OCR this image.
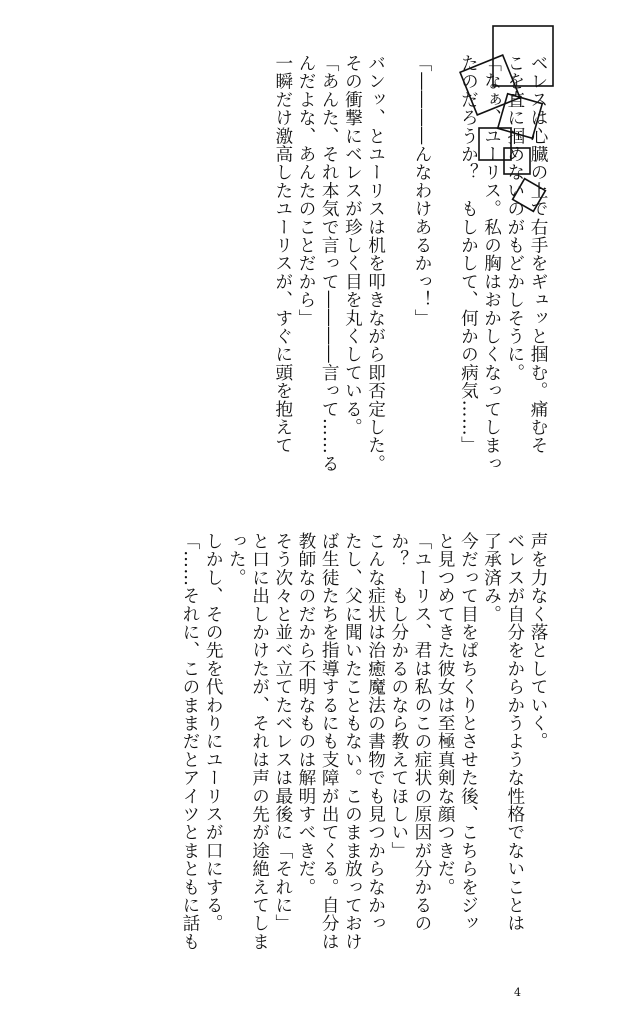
ベレスは心臓の上で右手をギュッと掴む。痛むそ
こを直に掴めないのがもどかしそうに。
「なぁ、ユーリス。私の胸はおかしくなってしまっ
たのだろうか？　もしかして、何かの病気……」
「――――んなわけあるかっ！」
バンッ、とユーリスは机を叩きながら即否定した。
その衝撃にベレスが珍しく目を丸くしている。
「あんた、それ本気で言って――――言って……る
んだよな、あんたのことだから」
一瞬だけ激高したユーリスが、すぐに頭を抱えて
声を力なく落としていく。
ベレスが自分をからかうような性格でないことは
了承済み。
今だって目をぱちくりとさせた後、こちらをジッ
と見つめてきた彼女は至極真剣な顔つきだ。
「ユーリス、君は私のこの症状の原因が分かるの
か？　もし分かるのなら教えてほしい」
こんな症状は治癒魔法の書物でも見つからなかっ
たし、父に聞いたこともない。このまま放っておけ
ば生徒たちを指導するにも支障が出てくる。自分は
教師なのだから不明なものは解明すべきだ。
そう次々と並べ立てたベレスは最後に「それに」
と口に出しかけたが、それは声の先が途絶えてしま
った。
しかし、その先を代わりにユーリスが口にする。
「……それに、このままだとアイツとまともに話も
4
